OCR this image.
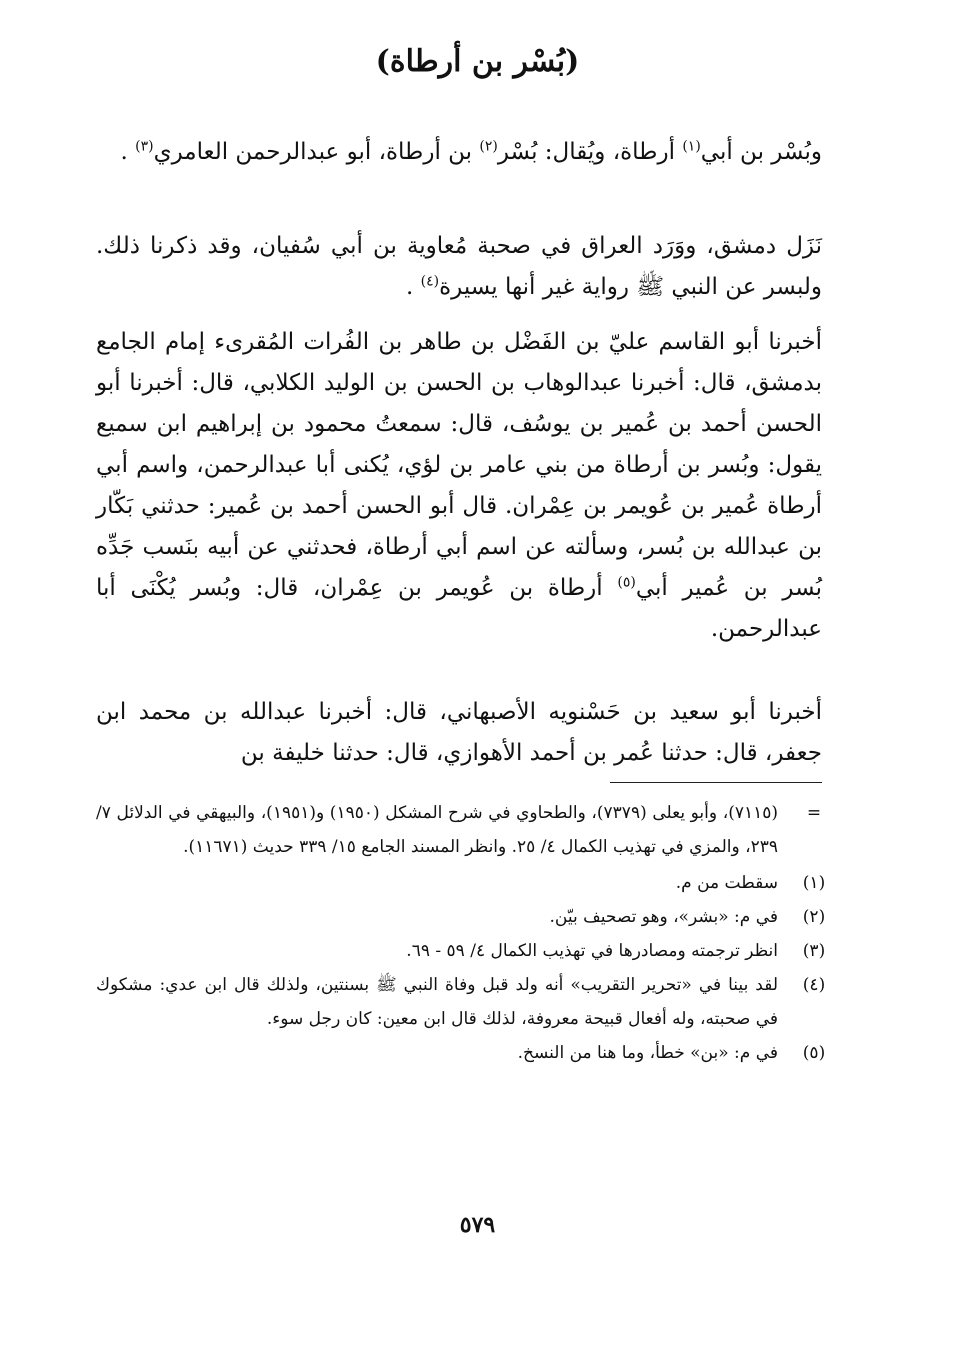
(بُسْر بن أرطاة)

وبُسْر بن أبي$^{(١)}$ أرطاة، ويُقال: بُسْر$^{(٢)}$ بن أرطاة، أبو عبدالرحمن العامري$^{(٣)}$ .

نَزَل دمشق، ووَرَد العراق في صحبة مُعاوية بن أبي سُفيان، وقد ذكرنا ذلك. ولبسر عن النبي ﷺ رواية غير أنها يسيرة$^{(٤)}$ .

أخبرنا أبو القاسم عليّ بن الفَضْل بن طاهر بن الفُرات المُقرىء إمام الجامع بدمشق، قال: أخبرنا عبدالوهاب بن الحسن بن الوليد الكلابي، قال: أخبرنا أبو الحسن أحمد بن عُمير بن يوسُف، قال: سمعتُ محمود بن إبراهيم ابن سميع يقول: وبُسر بن أرطاة من بني عامر بن لؤي، يُكنى أبا عبدالرحمن، واسم أبي أرطاة عُمير بن عُويمر بن عِمْران. قال أبو الحسن أحمد بن عُمير: حدثني بَكّار بن عبدالله بن بُسر، وسألته عن اسم أبي أرطاة، فحدثني عن أبيه بنَسب جَدِّه بُسر بن عُمير أبي$^{(٥)}$ أرطاة بن عُويمر بن عِمْران، قال: وبُسر يُكْنَى أبا عبدالرحمن.

أخبرنا أبو سعيد بن حَسْنويه الأصبهاني، قال: أخبرنا عبدالله بن محمد ابن جعفر، قال: حدثنا عُمر بن أحمد الأهوازي، قال: حدثنا خليفة بن

=
(٧١١٥)، وأبو يعلى (٧٣٧٩)، والطحاوي في شرح المشكل (١٩٥٠) و(١٩٥١)، والبيهقي في الدلائل ٧/ ٢٣٩، والمزي في تهذيب الكمال ٤/ ٢٥. وانظر المسند الجامع ١٥/ ٣٣٩ حديث (١١٦٧١).
(١)
سقطت من م.
(٢)
في م: «بشر»، وهو تصحيف بيّن.
(٣)
انظر ترجمته ومصادرها في تهذيب الكمال ٤/ ٥٩ - ٦٩.
(٤)
لقد بينا في «تحرير التقريب» أنه ولد قبل وفاة النبي ﷺ بسنتين، ولذلك قال ابن عدي: مشكوك في صحبته، وله أفعال قبيحة معروفة، لذلك قال ابن معين: كان رجل سوء.
(٥)
في م: «بن» خطأ، وما هنا من النسخ.
٥٧٩
